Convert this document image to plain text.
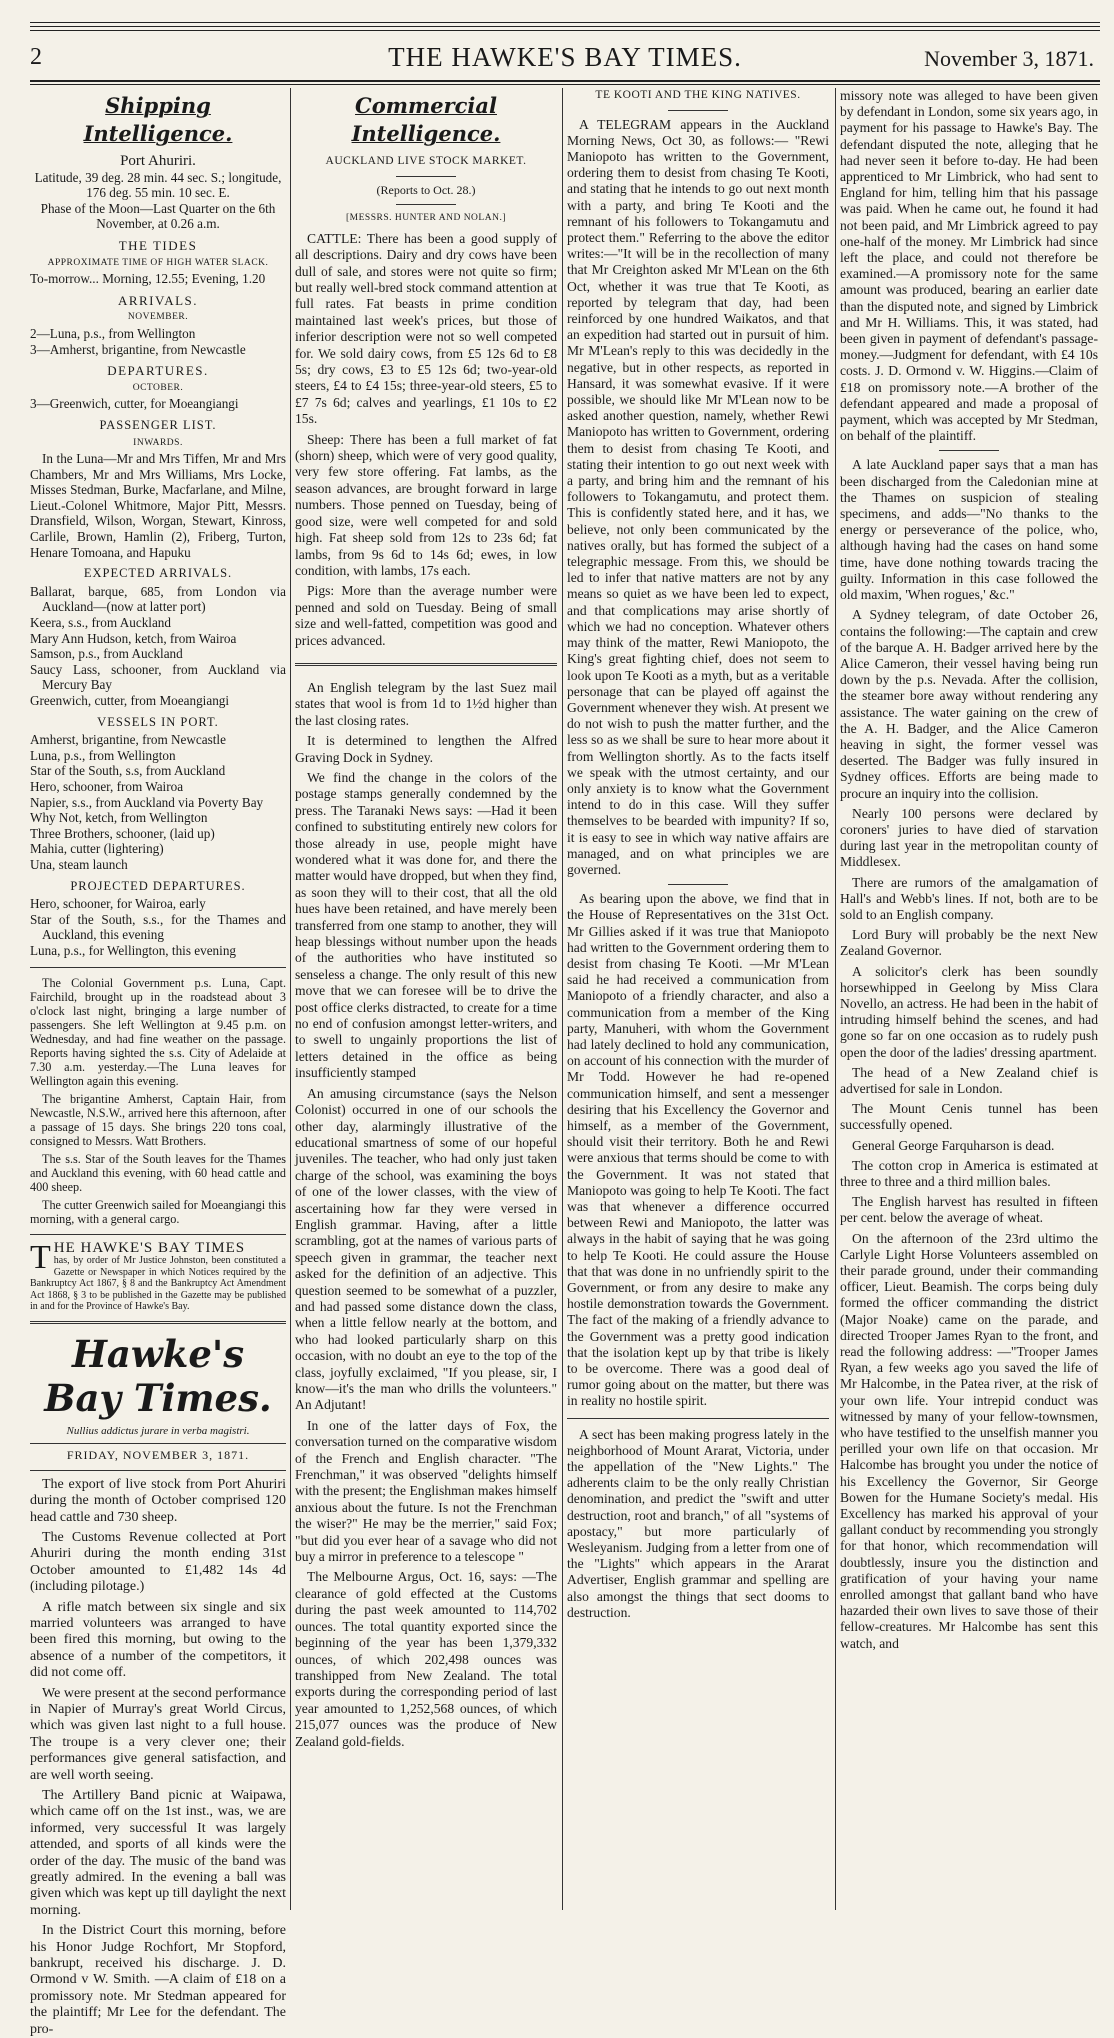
2	THE HAWKE'S BAY TIMES.	November 3, 1871.
Shipping Intelligence.
Port Ahuriri.
Latitude, 39 deg. 28 min. 44 sec. S.; longitude, 176 deg. 55 min. 10 sec. E.
Phase of the Moon—Last Quarter on the 6th November, at 0.26 a.m.
THE TIDES
APPROXIMATE TIME OF HIGH WATER SLACK.
To-morrow... Morning, 12.55; Evening, 1.20
ARRIVALS.
NOVEMBER.
2—Luna, p.s., from Wellington
3—Amherst, brigantine, from Newcastle
DEPARTURES.
OCTOBER.
3—Greenwich, cutter, for Moeangiangi
PASSENGER LIST.
INWARDS.

In the Luna—Mr and Mrs Tiffen, Mr and Mrs Chambers, Mr and Mrs Williams, Mrs Locke, Misses Stedman, Burke, Macfarlane, and Milne, Lieut.-Colonel Whitmore, Major Pitt, Messrs. Dransfield, Wilson, Worgan, Stewart, Kinross, Carlile, Brown, Hamlin (2), Friberg, Turton, Henare Tomoana, and Hapuku

EXPECTED ARRIVALS.
Ballarat, barque, 685, from London via Auckland—(now at latter port)
Keera, s.s., from Auckland
Mary Ann Hudson, ketch, from Wairoa
Samson, p.s., from Auckland
Saucy Lass, schooner, from Auckland via Mercury Bay
Greenwich, cutter, from Moeangiangi
VESSELS IN PORT.
Amherst, brigantine, from Newcastle
Luna, p.s., from Wellington
Star of the South, s.s, from Auckland
Hero, schooner, from Wairoa
Napier, s.s., from Auckland via Poverty Bay
Why Not, ketch, from Wellington
Three Brothers, schooner, (laid up)
Mahia, cutter (lightering)
Una, steam launch
PROJECTED DEPARTURES.
Hero, schooner, for Wairoa, early
Star of the South, s.s., for the Thames and Auckland, this evening
Luna, p.s., for Wellington, this evening

The Colonial Government p.s. Luna, Capt. Fairchild, brought up in the roadstead about 3 o'clock last night, bringing a large number of passengers. She left Wellington at 9.45 p.m. on Wednesday, and had fine weather on the passage. Reports having sighted the s.s. City of Adelaide at 7.30 a.m. yesterday.—The Luna leaves for Wellington again this evening.

The brigantine Amherst, Captain Hair, from Newcastle, N.S.W., arrived here this afternoon, after a passage of 15 days. She brings 220 tons coal, consigned to Messrs. Watt Brothers.

The s.s. Star of the South leaves for the Thames and Auckland this evening, with 60 head cattle and 400 sheep.

The cutter Greenwich sailed for Moeangiangi this morning, with a general cargo.

T HE HAWKE'S BAY TIMES
has, by order of Mr Justice Johnston, been constituted a Gazette or Newspaper in which Notices required by the Bankruptcy Act 1867, § 8 and the Bankruptcy Act Amendment Act 1868, § 3 to be published in the Gazette may be published in and for the Province of Hawke's Bay.
Hawke's Bay Times.
Nullius addictus jurare in verba magistri.
FRIDAY, NOVEMBER 3, 1871.

The export of live stock from Port Ahuriri during the month of October comprised 120 head cattle and 730 sheep.

The Customs Revenue collected at Port Ahuriri during the month ending 31st October amounted to £1,482 14s 4d (including pilotage.)

A rifle match between six single and six married volunteers was arranged to have been fired this morning, but owing to the absence of a number of the competitors, it did not come off.

We were present at the second performance in Napier of Murray's great World Circus, which was given last night to a full house. The troupe is a very clever one; their performances give general satisfaction, and are well worth seeing.

The Artillery Band picnic at Waipawa, which came off on the 1st inst., was, we are informed, very successful It was largely attended, and sports of all kinds were the order of the day. The music of the band was greatly admired. In the evening a ball was given which was kept up till daylight the next morning.

In the District Court this morning, before his Honor Judge Rochfort, Mr Stopford, bankrupt, received his discharge. J. D. Ormond v W. Smith. —A claim of £18 on a promissory note. Mr Stedman appeared for the plaintiff; Mr Lee for the defendant. The pro-

Commercial Intelligence.
AUCKLAND LIVE STOCK MARKET.
(Reports to Oct. 28.)
[MESSRS. HUNTER AND NOLAN.]

CATTLE: There has been a good supply of all descriptions. Dairy and dry cows have been dull of sale, and stores were not quite so firm; but really well-bred stock command attention at full rates. Fat beasts in prime condition maintained last week's prices, but those of inferior description were not so well competed for. We sold dairy cows, from £5 12s 6d to £8 5s; dry cows, £3 to £5 12s 6d; two-year-old steers, £4 to £4 15s; three-year-old steers, £5 to £7 7s 6d; calves and yearlings, £1 10s to £2 15s.

Sheep: There has been a full market of fat (shorn) sheep, which were of very good quality, very few store offering. Fat lambs, as the season advances, are brought forward in large numbers. Those penned on Tuesday, being of good size, were well competed for and sold high. Fat sheep sold from 12s to 23s 6d; fat lambs, from 9s 6d to 14s 6d; ewes, in low condition, with lambs, 17s each.

Pigs: More than the average number were penned and sold on Tuesday. Being of small size and well-fatted, competition was good and prices advanced.

An English telegram by the last Suez mail states that wool is from 1d to 1½d higher than the last closing rates.

It is determined to lengthen the Alfred Graving Dock in Sydney.

We find the change in the colors of the postage stamps generally condemned by the press. The Taranaki News says: —Had it been confined to substituting entirely new colors for those already in use, people might have wondered what it was done for, and there the matter would have dropped, but when they find, as soon they will to their cost, that all the old hues have been retained, and have merely been transferred from one stamp to another, they will heap blessings without number upon the heads of the authorities who have instituted so senseless a change. The only result of this new move that we can foresee will be to drive the post office clerks distracted, to create for a time no end of confusion amongst letter-writers, and to swell to ungainly proportions the list of letters detained in the office as being insufficiently stamped

An amusing circumstance (says the Nelson Colonist) occurred in one of our schools the other day, alarmingly illustrative of the educational smartness of some of our hopeful juveniles. The teacher, who had only just taken charge of the school, was examining the boys of one of the lower classes, with the view of ascertaining how far they were versed in English grammar. Having, after a little scrambling, got at the names of various parts of speech given in grammar, the teacher next asked for the definition of an adjective. This question seemed to be somewhat of a puzzler, and had passed some distance down the class, when a little fellow nearly at the bottom, and who had looked particularly sharp on this occasion, with no doubt an eye to the top of the class, joyfully exclaimed, "If you please, sir, I know—it's the man who drills the volunteers." An Adjutant!

In one of the latter days of Fox, the conversation turned on the comparative wisdom of the French and English character. "The Frenchman," it was observed "delights himself with the present; the Englishman makes himself anxious about the future. Is not the Frenchman the wiser?" He may be the merrier," said Fox; "but did you ever hear of a savage who did not buy a mirror in preference to a telescope "

The Melbourne Argus, Oct. 16, says: —The clearance of gold effected at the Customs during the past week amounted to 114,702 ounces. The total quantity exported since the beginning of the year has been 1,379,332 ounces, of which 202,498 ounces was transhipped from New Zealand. The total exports during the corresponding period of last year amounted to 1,252,568 ounces, of which 215,077 ounces was the produce of New Zealand gold-fields.

TE KOOTI AND THE KING NATIVES.

A TELEGRAM appears in the Auckland Morning News, Oct 30, as follows:— "Rewi Maniopoto has written to the Government, ordering them to desist from chasing Te Kooti, and stating that he intends to go out next month with a party, and bring Te Kooti and the remnant of his followers to Tokangamutu and protect them." Referring to the above the editor writes:—"It will be in the recollection of many that Mr Creighton asked Mr M'Lean on the 6th Oct, whether it was true that Te Kooti, as reported by telegram that day, had been reinforced by one hundred Waikatos, and that an expedition had started out in pursuit of him. Mr M'Lean's reply to this was decidedly in the negative, but in other respects, as reported in Hansard, it was somewhat evasive. If it were possible, we should like Mr M'Lean now to be asked another question, namely, whether Rewi Maniopoto has written to Government, ordering them to desist from chasing Te Kooti, and stating their intention to go out next week with a party, and bring him and the remnant of his followers to Tokangamutu, and protect them. This is confidently stated here, and it has, we believe, not only been communicated by the natives orally, but has formed the subject of a telegraphic message. From this, we should be led to infer that native matters are not by any means so quiet as we have been led to expect, and that complications may arise shortly of which we had no conception. Whatever others may think of the matter, Rewi Maniopoto, the King's great fighting chief, does not seem to look upon Te Kooti as a myth, but as a veritable personage that can be played off against the Government whenever they wish. At present we do not wish to push the matter further, and the less so as we shall be sure to hear more about it from Wellington shortly. As to the facts itself we speak with the utmost certainty, and our only anxiety is to know what the Government intend to do in this case. Will they suffer themselves to be bearded with impunity? If so, it is easy to see in which way native affairs are managed, and on what principles we are governed.

As bearing upon the above, we find that in the House of Representatives on the 31st Oct. Mr Gillies asked if it was true that Maniopoto had written to the Government ordering them to desist from chasing Te Kooti. —Mr M'Lean said he had received a communication from Maniopoto of a friendly character, and also a communication from a member of the King party, Manuheri, with whom the Government had lately declined to hold any communication, on account of his connection with the murder of Mr Todd. However he had re-opened communication himself, and sent a messenger desiring that his Excellency the Governor and himself, as a member of the Government, should visit their territory. Both he and Rewi were anxious that terms should be come to with the Government. It was not stated that Maniopoto was going to help Te Kooti. The fact was that whenever a difference occurred between Rewi and Maniopoto, the latter was always in the habit of saying that he was going to help Te Kooti. He could assure the House that that was done in no unfriendly spirit to the Government, or from any desire to make any hostile demonstration towards the Government. The fact of the making of a friendly advance to the Government was a pretty good indication that the isolation kept up by that tribe is likely to be overcome. There was a good deal of rumor going about on the matter, but there was in reality no hostile spirit.

A sect has been making progress lately in the neighborhood of Mount Ararat, Victoria, under the appellation of the "New Lights." The adherents claim to be the only really Christian denomination, and predict the "swift and utter destruction, root and branch," of all "systems of apostacy," but more particularly of Wesleyanism. Judging from a letter from one of the "Lights" which appears in the Ararat Advertiser, English grammar and spelling are also amongst the things that sect dooms to destruction.

missory note was alleged to have been given by defendant in London, some six years ago, in payment for his passage to Hawke's Bay. The defendant disputed the note, alleging that he had never seen it before to-day. He had been apprenticed to Mr Limbrick, who had sent to England for him, telling him that his passage was paid. When he came out, he found it had not been paid, and Mr Limbrick agreed to pay one-half of the money. Mr Limbrick had since left the place, and could not therefore be examined.—A promissory note for the same amount was produced, bearing an earlier date than the disputed note, and signed by Limbrick and Mr H. Williams. This, it was stated, had been given in payment of defendant's passage-money.—Judgment for defendant, with £4 10s costs. J. D. Ormond v. W. Higgins.—Claim of £18 on promissory note.—A brother of the defendant appeared and made a proposal of payment, which was accepted by Mr Stedman, on behalf of the plaintiff.

A late Auckland paper says that a man has been discharged from the Caledonian mine at the Thames on suspicion of stealing specimens, and adds—"No thanks to the energy or perseverance of the police, who, although having had the cases on hand some time, have done nothing towards tracing the guilty. Information in this case followed the old maxim, 'When rogues,' &c."

A Sydney telegram, of date October 26, contains the following:—The captain and crew of the barque A. H. Badger arrived here by the Alice Cameron, their vessel having being run down by the p.s. Nevada. After the collision, the steamer bore away without rendering any assistance. The water gaining on the crew of the A. H. Badger, and the Alice Cameron heaving in sight, the former vessel was deserted. The Badger was fully insured in Sydney offices. Efforts are being made to procure an inquiry into the collision.

Nearly 100 persons were declared by coroners' juries to have died of starvation during last year in the metropolitan county of Middlesex.

There are rumors of the amalgamation of Hall's and Webb's lines. If not, both are to be sold to an English company.

Lord Bury will probably be the next New Zealand Governor.

A solicitor's clerk has been soundly horsewhipped in Geelong by Miss Clara Novello, an actress. He had been in the habit of intruding himself behind the scenes, and had gone so far on one occasion as to rudely push open the door of the ladies' dressing apartment.

The head of a New Zealand chief is advertised for sale in London.

The Mount Cenis tunnel has been successfully opened.

General George Farquharson is dead.

The cotton crop in America is estimated at three to three and a third million bales.

The English harvest has resulted in fifteen per cent. below the average of wheat.

On the afternoon of the 23rd ultimo the Carlyle Light Horse Volunteers assembled on their parade ground, under their commanding officer, Lieut. Beamish. The corps being duly formed the officer commanding the district (Major Noake) came on the parade, and directed Trooper James Ryan to the front, and read the following address: —"Trooper James Ryan, a few weeks ago you saved the life of Mr Halcombe, in the Patea river, at the risk of your own life. Your intrepid conduct was witnessed by many of your fellow-townsmen, who have testified to the unselfish manner you perilled your own life on that occasion. Mr Halcombe has brought you under the notice of his Excellency the Governor, Sir George Bowen for the Humane Society's medal. His Excellency has marked his approval of your gallant conduct by recommending you strongly for that honor, which recommendation will doubtlessly, insure you the distinction and gratification of your having your name enrolled amongst that gallant band who have hazarded their own lives to save those of their fellow-creatures. Mr Halcombe has sent this watch, and
